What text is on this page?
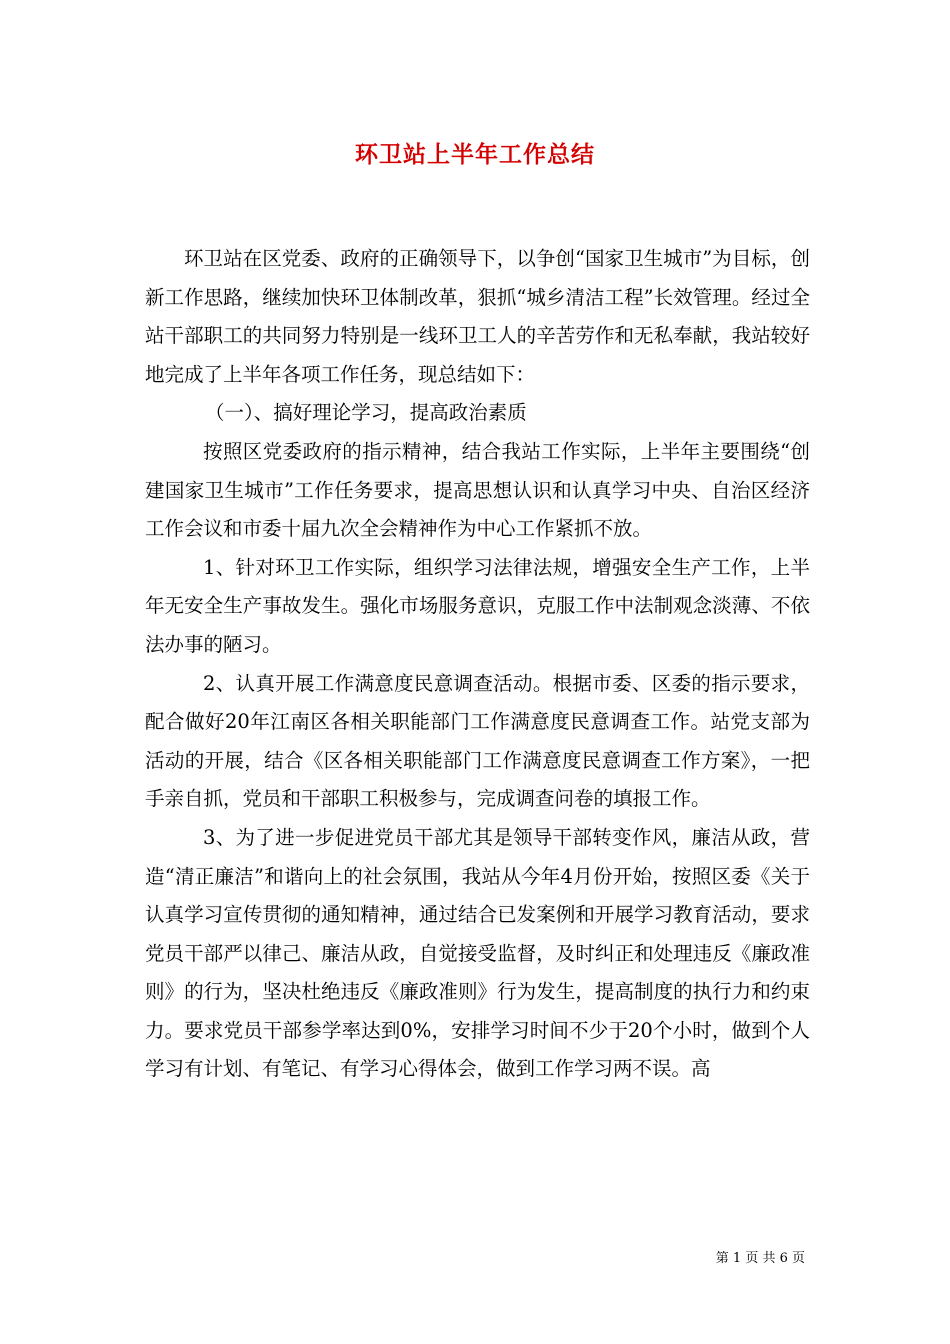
环卫站上半年工作总结

环卫站在区党委、政府的正确领导下，以争创“国家卫生城市”为目标，创新工作思路，继续加快环卫体制改革，狠抓“城乡清洁工程”长效管理。经过全站干部职工的共同努力特别是一线环卫工人的辛苦劳作和无私奉献，我站较好地完成了上半年各项工作任务，现总结如下：

（一）、搞好理论学习，提高政治素质

按照区党委政府的指示精神，结合我站工作实际，上半年主要围绕“创建国家卫生城市”工作任务要求，提高思想认识和认真学习中央、自治区经济工作会议和市委十届九次全会精神作为中心工作紧抓不放。

1、针对环卫工作实际，组织学习法律法规，增强安全生产工作，上半年无安全生产事故发生。强化市场服务意识，克服工作中法制观念淡薄、不依法办事的陋习。

2、认真开展工作满意度民意调查活动。根据市委、区委的指示要求，配合做好20年江南区各相关职能部门工作满意度民意调查工作。站党支部为活动的开展，结合《区各相关职能部门工作满意度民意调查工作方案》，一把手亲自抓，党员和干部职工积极参与，完成调查问卷的填报工作。

3、为了进一步促进党员干部尤其是领导干部转变作风，廉洁从政，营造“清正廉洁”和谐向上的社会氛围，我站从今年4月份开始，按照区委《关于认真学习宣传贯彻的通知精神，通过结合已发案例和开展学习教育活动，要求党员干部严以律己、廉洁从政，自觉接受监督，及时纠正和处理违反《廉政准则》的行为，坚决杜绝违反《廉政准则》行为发生，提高制度的执行力和约束力。要求党员干部参学率达到0%，安排学习时间不少于20个小时，做到个人学习有计划、有笔记、有学习心得体会，做到工作学习两不误。高

第 1 页 共 6 页
